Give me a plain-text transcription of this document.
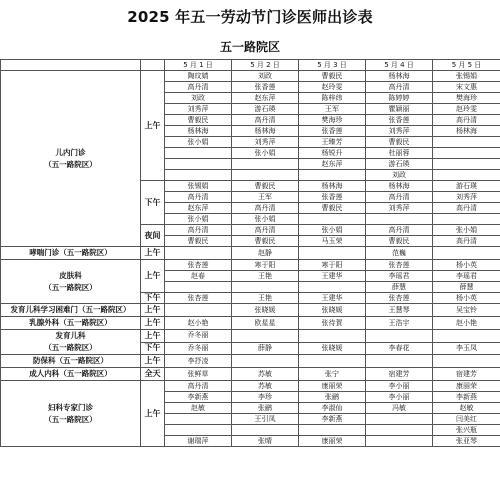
2025 年五一劳动节门诊医师出诊表
五一路院区
		5 月 1 日	5 月 2 日	5 月 3 日	5 月 4 日	5 月 5 日

儿内门诊
（五一路院区）	上午	陶玟婧	刘政	曹毅民	杨林海	张锡娟
		高丹清	张香莲	赵玲雯	高丹清	宋文惠
		刘政	赵东萍	陈梓纬	陈婷婷	樊海珍
		刘秀萍	游石瑛	王军	瞿颖丽	赵玲雯
		曹毅民	高丹清	樊海珍	张香莲	高丹清
		杨林海	杨林海	张香莲	刘秀萍	杨林海
		张小娟	刘秀萍	王臻芳	曹毅民	
			张小娟	杨锐升	杜丽蓉	
				赵东萍	游石瑛	
					刘政	
	下午	张锡娟	曹毅民	杨林海	杨林海	游石瑛
		高丹清	王军	张香莲	高丹清	刘秀萍
		赵东萍	高丹清	曹毅民	刘秀萍	高丹清
		张小娟	张小娟			
	夜间	高丹清	高丹清	张小娟	高丹清	张小娟
		曹毅民	曹毅民	马玉荣	曹毅民	高丹清

哮喘门诊（五一路院区）	上午		赵静		范巍	

皮肤科
（五一路院区）	上午	张杏莲	寒于阳	寒于阳	张杏莲	杨小英
		赵春	王艳	王建华	李瑶君	李瑶君
					薛慧	薛慧
	下午	张杏莲	王艳	王建华	张杏莲	杨小英

发育儿科学习困难门（五一路院区）	上午		张晓媛	张晓媛	王慧琴	吴宝铃

乳腺外科（五一路院区）	上午	赵小艳	欧星星	张待賀	王浩宇	赵小艳

发育儿科
（五一路院区）	上午	乔冬丽				
	下午	乔冬丽	薛静	张晓媛	李春花	李玉凤

防保科（五一路院区）	上午	李抒凌				

成人内科（五一路院区）	全天	张鲜草	苏敏	张宁	宿建芳	宿建芳

妇科专家门诊
（五一路院区）	上午	高丹清	苏敏	康丽荣	李小丽	康丽荣
		李新燕	李珍	张鹂	李小丽	李新燕
		赵敏	张鹂	李淑仙	冯敏	赵敏
			王引凤	李新燕		闫美红
						张兴瓶
		谢瑞萍	张晴	康丽荣		张亚琴
